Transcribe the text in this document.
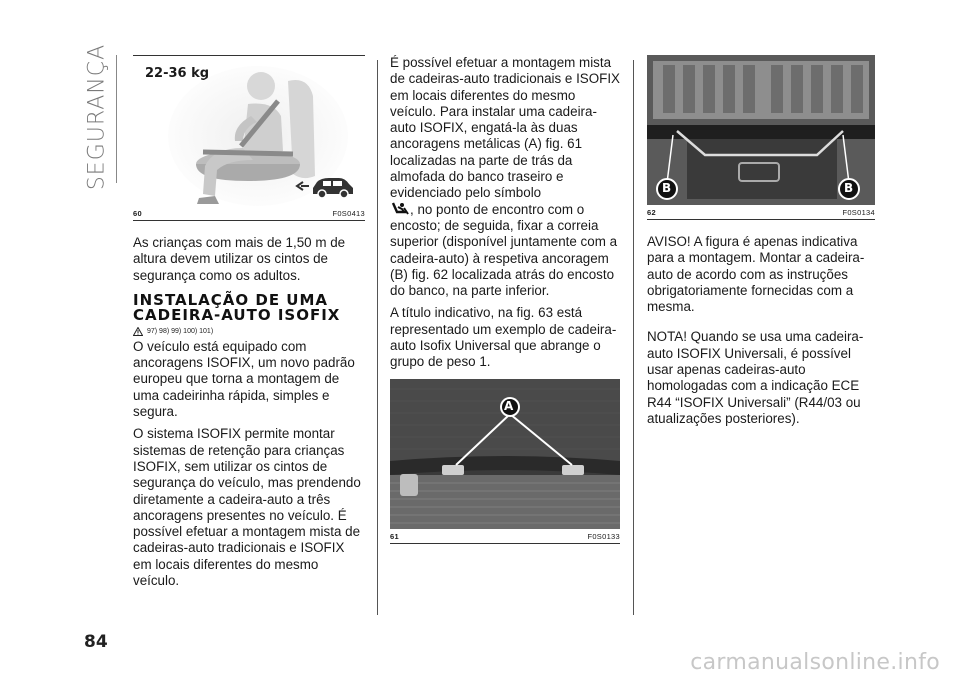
SEGURANÇA	22-36 kg
60	F0S0413

As crianças com mais de 1,50 m de altura devem utilizar os cintos de segurança como os adultos.

INSTALAÇÃO DE UMA
CADEIRA-AUTO ISOFIX
97) 98) 99) 100) 101)

O veículo está equipado com ancoragens ISOFIX, um novo padrão europeu que torna a montagem de uma cadeirinha rápida, simples e segura.

O sistema ISOFIX permite montar sistemas de retenção para crianças ISOFIX, sem utilizar os cintos de segurança do veículo, mas prendendo diretamente a cadeira-auto a três ancoragens presentes no veículo. É possível efetuar a montagem mista de cadeiras-auto tradicionais e ISOFIX em locais diferentes do mesmo veículo.

É possível efetuar a montagem mista de cadeiras-auto tradicionais e ISOFIX em locais diferentes do mesmo veículo. Para instalar uma cadeira-auto ISOFIX, engatá-la às duas ancoragens metálicas (A) fig. 61 localizadas na parte de trás da almofada do banco traseiro e evidenciado pelo símbolo
, no ponto de encontro com o encosto; de seguida, fixar a correia superior (disponível juntamente com a cadeira-auto) à respetiva ancoragem (B) fig. 62 localizada atrás do encosto do banco, na parte inferior.

A título indicativo, na fig. 63 está representado um exemplo de cadeira-auto Isofix Universal que abrange o grupo de peso 1.

A
61	F0S0133
B	B
62	F0S0134

AVISO! A figura é apenas indicativa para a montagem. Montar a cadeira-auto de acordo com as instruções obrigatoriamente fornecidas com a mesma.

NOTA! Quando se usa uma cadeira-auto ISOFIX Universali, é possível usar apenas cadeiras-auto homologadas com a indicação ECE R44 “ISOFIX Universali” (R44/03 ou atualizações posteriores).

84
carmanualsonline.info
